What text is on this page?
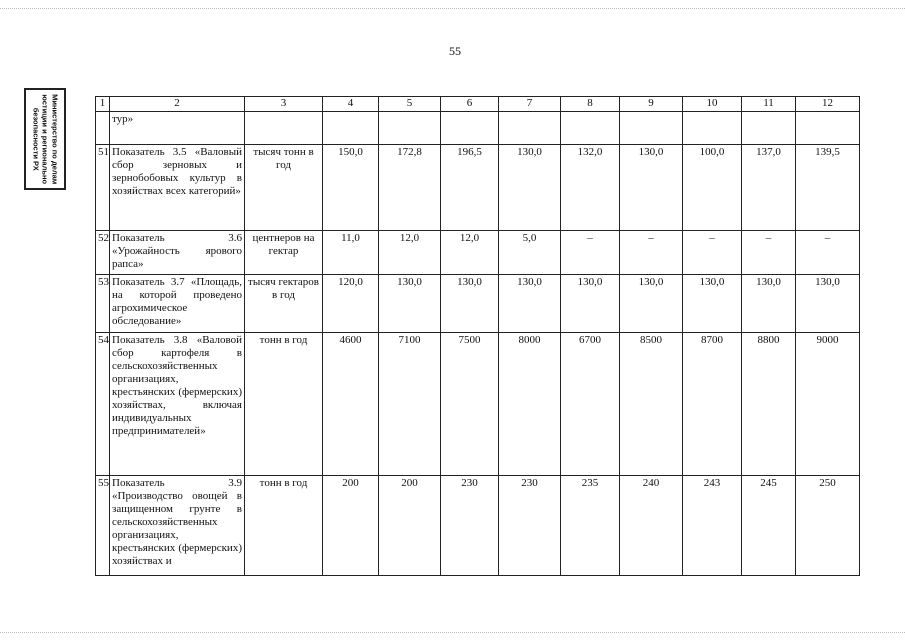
55
Министерство по делам
юстиции и регионально
безопасности РХ
1	2	3	4	5	6	7	8	9	10	11	12
	тур»										
51	Показатель 3.5 «Валовый сбор зерновых и зернобобовых культур в хозяйствах всех категорий»	тысяч тонн в год	150,0	172,8	196,5	130,0	132,0	130,0	100,0	137,0	139,5
52	Показатель 3.6 «Урожайность ярового рапса»	центнеров на гектар	11,0	12,0	12,0	5,0	–	–	–	–	–
53	Показатель 3.7 «Площадь, на которой проведено агрохимическое обследование»	тысяч гектаров в год	120,0	130,0	130,0	130,0	130,0	130,0	130,0	130,0	130,0
54	Показатель 3.8 «Валовой сбор картофеля в сельскохозяйственных организациях, крестьянских (фермерских) хозяйствах, включая индивидуальных предпринимателей»	тонн в год	4600	7100	7500	8000	6700	8500	8700	8800	9000
55	Показатель 3.9 «Производство овощей в защищенном грунте в сельскохозяйственных организациях, крестьянских (фермерских) хозяйствах и	тонн в год	200	200	230	230	235	240	243	245	250
